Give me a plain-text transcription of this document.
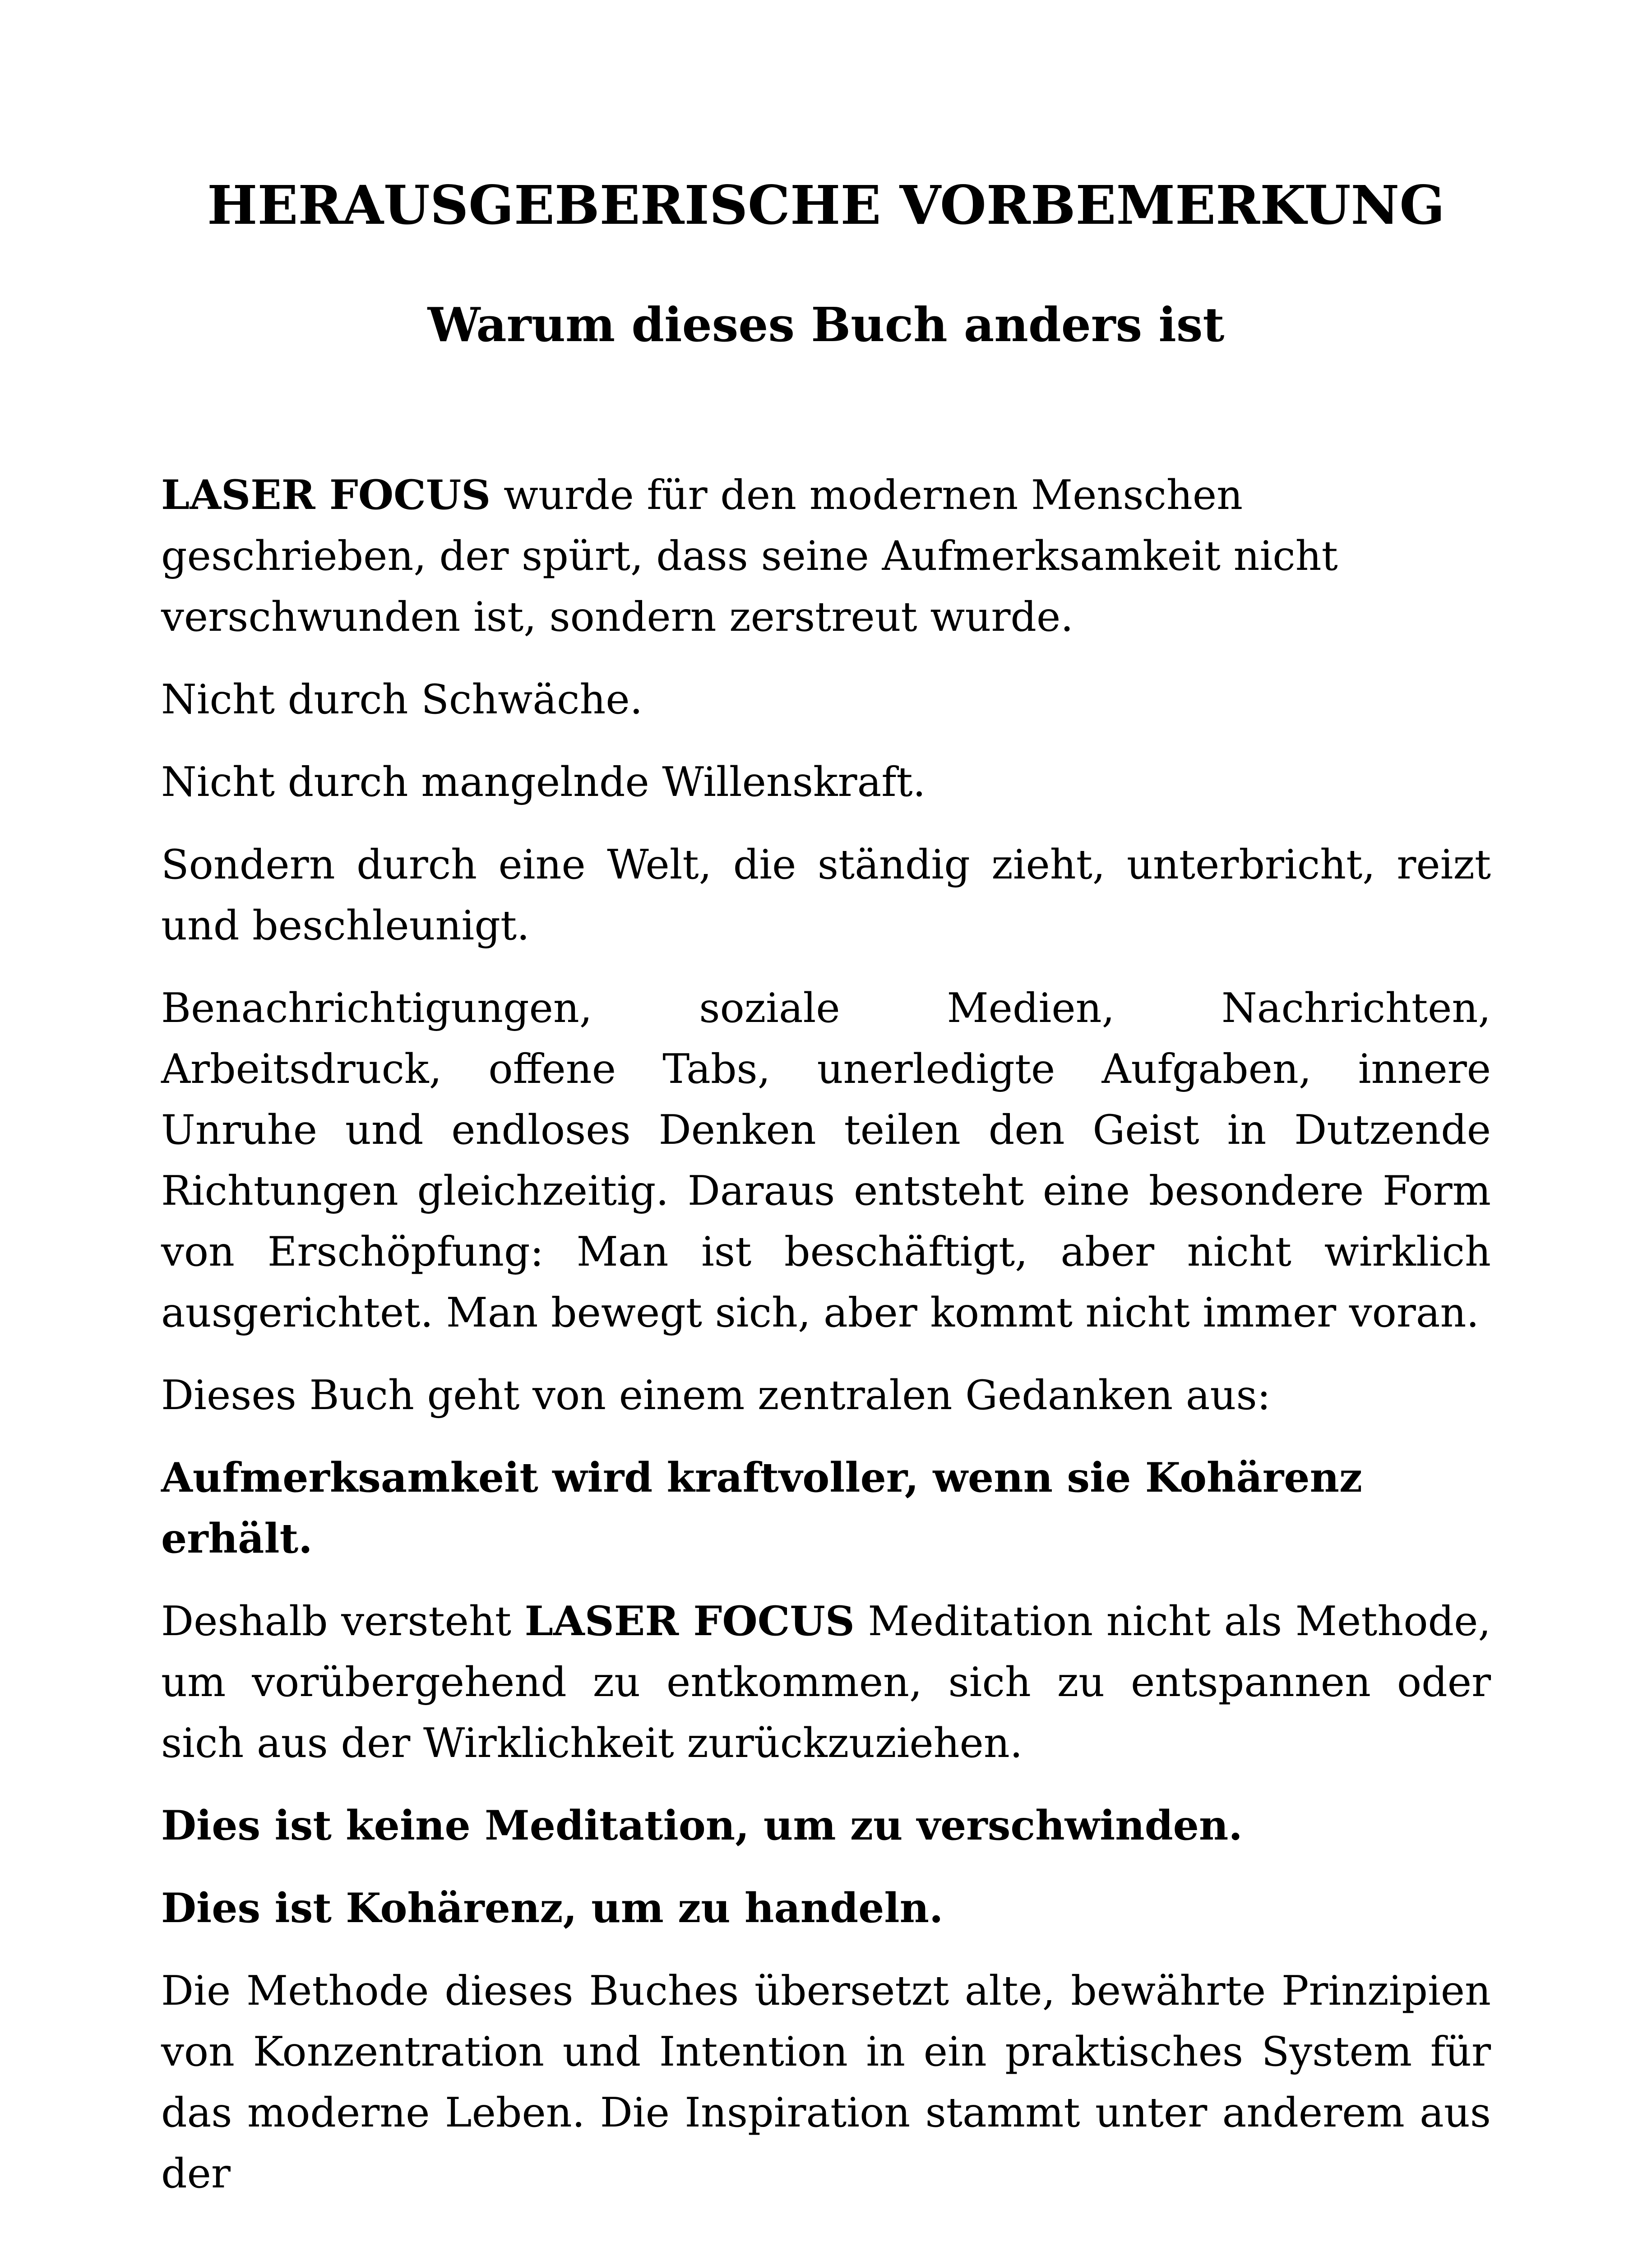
HERAUSGEBERISCHE VORBEMERKUNG
Warum dieses Buch anders ist

LASER FOCUS wurde für den modernen Menschen geschrieben, der spürt, dass seine Aufmerksamkeit nicht verschwunden ist, sondern zerstreut wurde.

Nicht durch Schwäche.

Nicht durch mangelnde Willenskraft.

Sondern durch eine Welt, die ständig zieht, unterbricht, reizt und beschleunigt.

Benachrichtigungen, soziale Medien, Nachrichten, Arbeitsdruck, offene Tabs, unerledigte Aufgaben, innere Unruhe und endloses Denken teilen den Geist in Dutzende Richtungen gleichzeitig. Daraus entsteht eine besondere Form von Erschöpfung: Man ist beschäftigt, aber nicht wirklich ausgerichtet. Man bewegt sich, aber kommt nicht immer voran.

Dieses Buch geht von einem zentralen Gedanken aus:

Aufmerksamkeit wird kraftvoller, wenn sie Kohärenz erhält.

Deshalb versteht LASER FOCUS Meditation nicht als Methode, um vorübergehend zu entkommen, sich zu entspannen oder sich aus der Wirklichkeit zurückzuziehen.

Dies ist keine Meditation, um zu verschwinden.

Dies ist Kohärenz, um zu handeln.

Die Methode dieses Buches übersetzt alte, bewährte Prinzipien von Konzentration und Intention in ein praktisches System für das moderne Leben. Die Inspiration stammt unter anderem aus der
